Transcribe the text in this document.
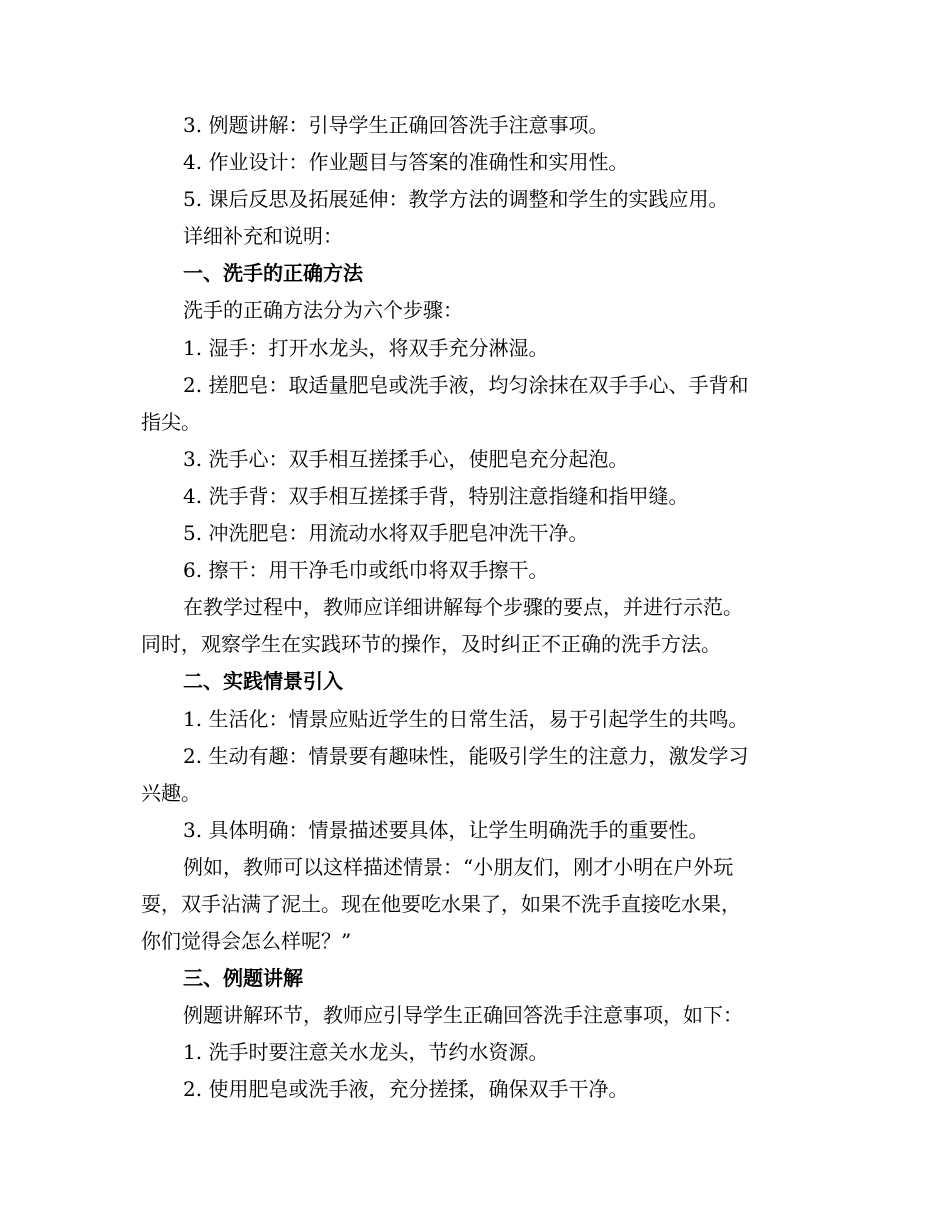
3. 例题讲解：引导学生正确回答洗手注意事项。
4. 作业设计：作业题目与答案的准确性和实用性。
5. 课后反思及拓展延伸：教学方法的调整和学生的实践应用。
详细补充和说明：
一、洗手的正确方法
洗手的正确方法分为六个步骤：
1. 湿手：打开水龙头，将双手充分淋湿。
2. 搓肥皂：取适量肥皂或洗手液，均匀涂抹在双手手心、手背和
指尖。
3. 洗手心：双手相互搓揉手心，使肥皂充分起泡。
4. 洗手背：双手相互搓揉手背，特别注意指缝和指甲缝。
5. 冲洗肥皂：用流动水将双手肥皂冲洗干净。
6. 擦干：用干净毛巾或纸巾将双手擦干。
在教学过程中，教师应详细讲解每个步骤的要点，并进行示范。
同时，观察学生在实践环节的操作，及时纠正不正确的洗手方法。
二、实践情景引入
1. 生活化：情景应贴近学生的日常生活，易于引起学生的共鸣。
2. 生动有趣：情景要有趣味性，能吸引学生的注意力，激发学习
兴趣。
3. 具体明确：情景描述要具体，让学生明确洗手的重要性。
例如，教师可以这样描述情景：“小朋友们，刚才小明在户外玩
耍，双手沾满了泥土。现在他要吃水果了，如果不洗手直接吃水果，
你们觉得会怎么样呢？”
三、例题讲解
例题讲解环节，教师应引导学生正确回答洗手注意事项，如下：
1. 洗手时要注意关水龙头，节约水资源。
2. 使用肥皂或洗手液，充分搓揉，确保双手干净。
